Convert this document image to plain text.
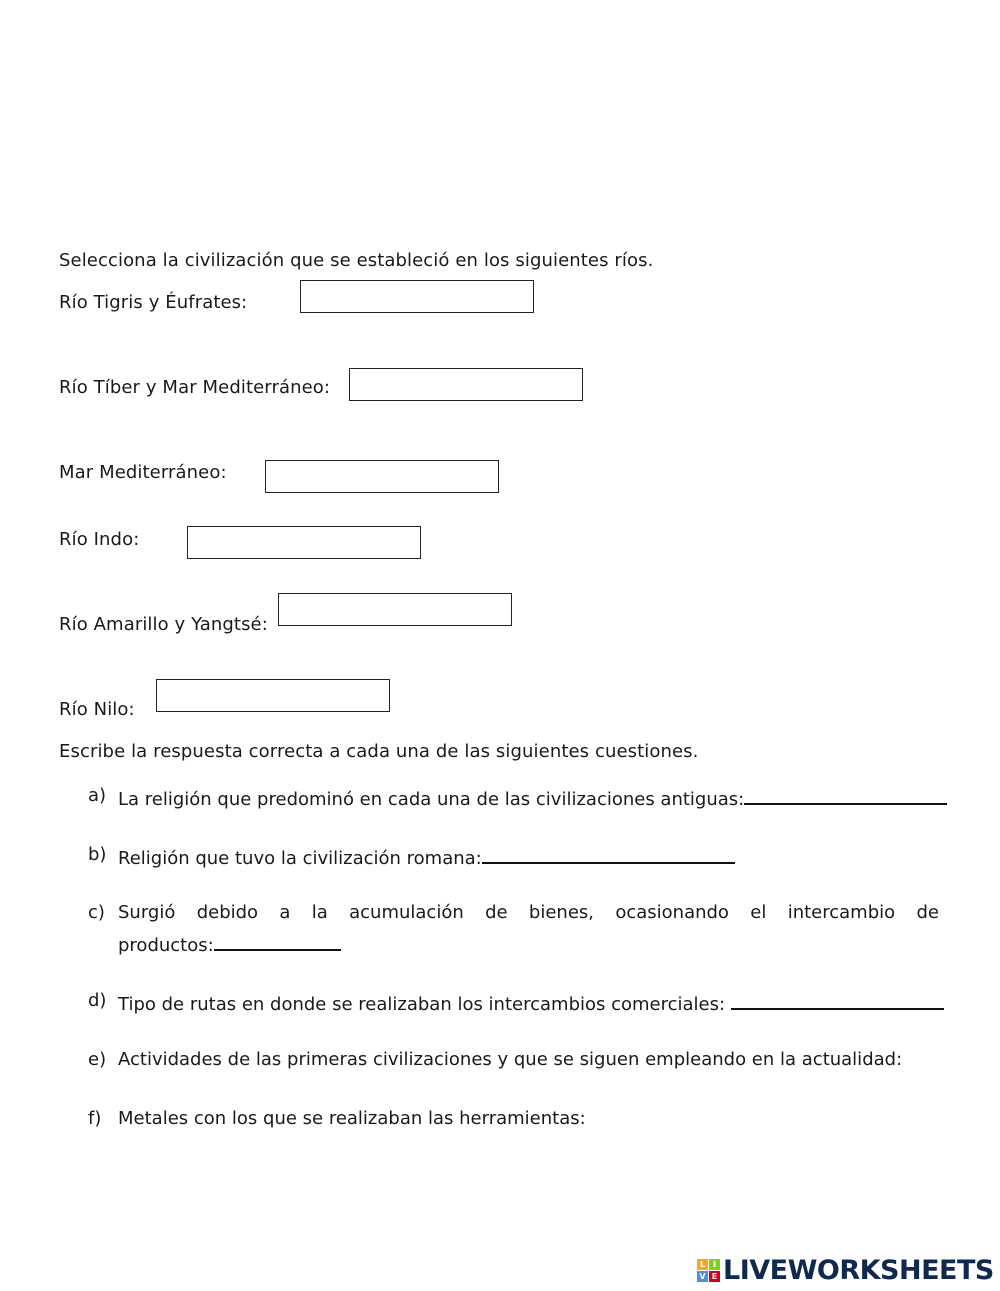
Selecciona la civilización que se estableció en los siguientes ríos.
Río Tigris y Éufrates:
Río Tíber y Mar Mediterráneo:
Mar Mediterráneo:
Río Indo:
Río Amarillo y Yangtsé:
Río Nilo:
Escribe la respuesta correcta a cada una de las siguientes cuestiones.
a) La religión que predominó en cada una de las civilizaciones antiguas:
b) Religión que tuvo la civilización romana:
c) Surgió debido a la acumulación de bienes, ocasionando el intercambio de
productos:
d) Tipo de rutas en donde se realizaban los intercambios comerciales:
e) Actividades de las primeras civilizaciones y que se siguen empleando en la actualidad:
f) Metales con los que se realizaban las herramientas:
L I
V E LIVEWORKSHEETS
